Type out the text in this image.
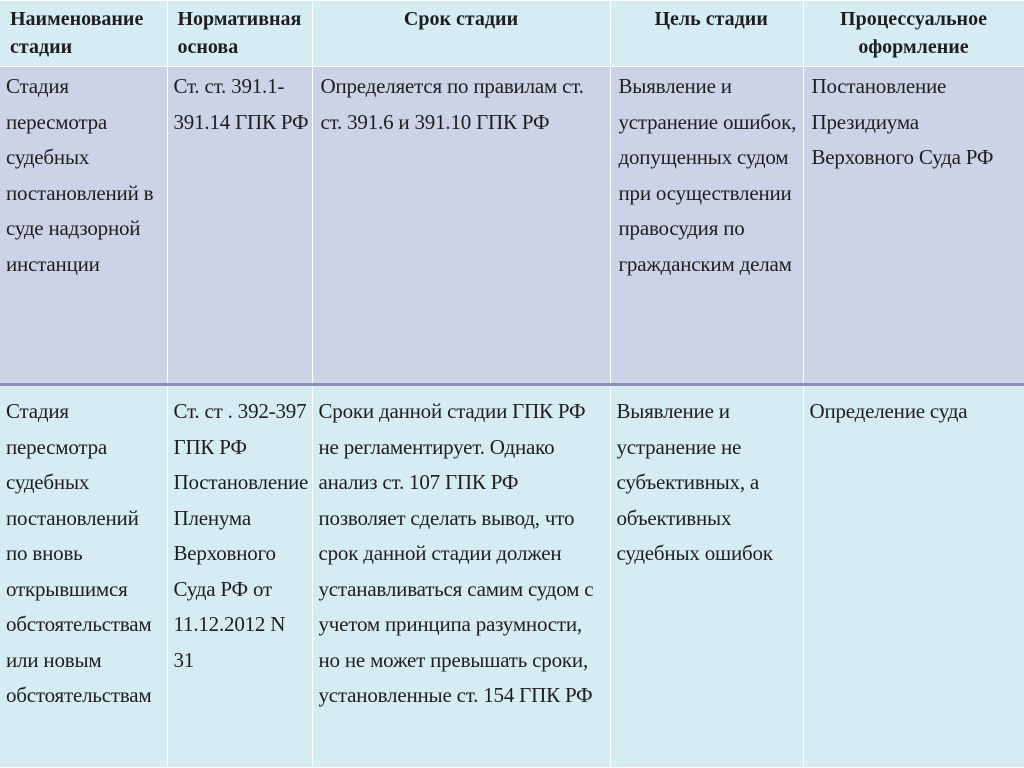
Наименование стадии	Нормативная основа	Срок стадии	Цель стадии	Процессуальное оформление
Стадия пересмотра судебных постановлений в суде надзорной инстанции	Ст. ст. 391.1-391.14 ГПК РФ	Определяется по правилам ст. ст. 391.6 и 391.10 ГПК РФ	Выявление и устранение ошибок, допущенных судом при осуществлении правосудия по гражданским делам	Постановление Президиума Верховного Суда РФ
Стадия пересмотра судебных постановлений по вновь открывшимся обстоятельствам или новым обстоятельствам	Ст. ст . 392-397 ГПК РФ Постановление Пленума Верховного Суда РФ от 11.12.2012 N 31	Сроки данной стадии ГПК РФ не регламентирует. Однако анализ ст. 107 ГПК РФ позволяет сделать вывод, что срок данной стадии должен устанавливаться самим судом с учетом принципа разумности, но не может превышать сроки, установленные ст. 154 ГПК РФ	Выявление и устранение не субъективных, а объективных судебных ошибок	Определение суда
